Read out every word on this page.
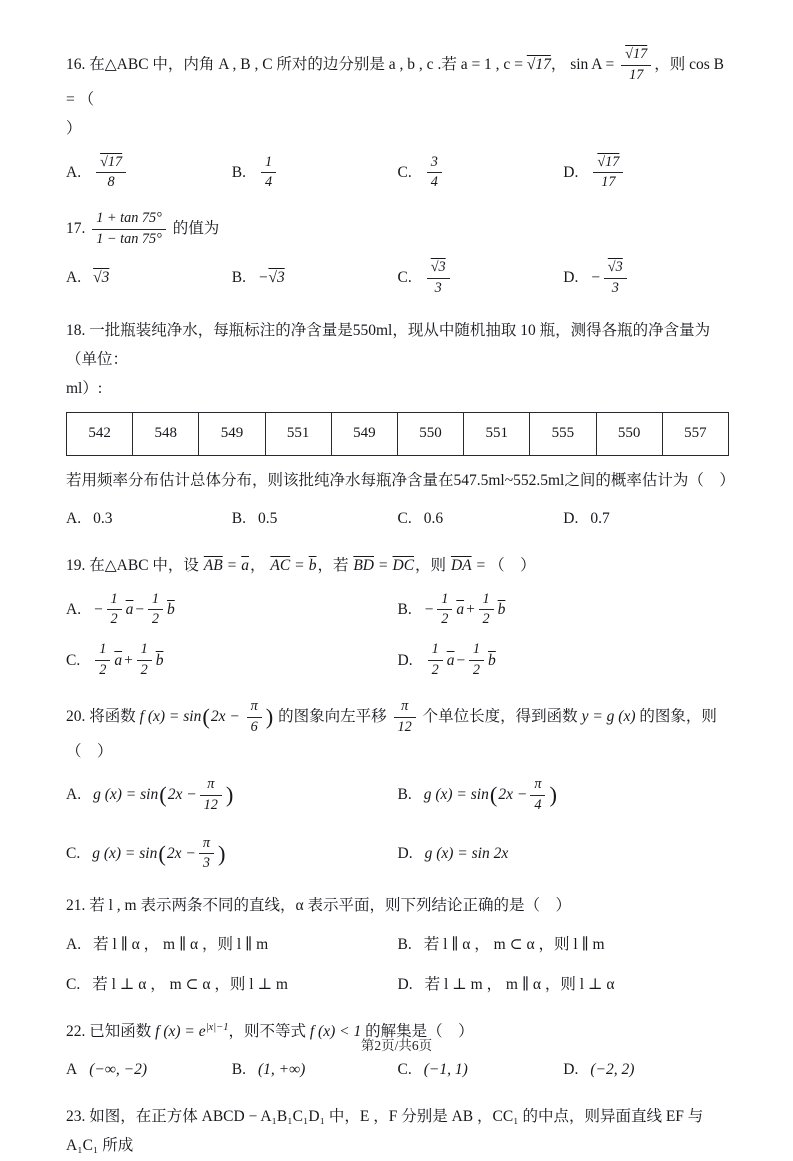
16. 在△ABC 中，内角 A , B , C 所对的边分别是 a , b , c .若 a = 1 , c = √17， $\sin A = \frac{√17}{17}$ ，则 cos B = （
）
A. $\frac{√17}{8}$	B. $\frac{1}{4}$	C. $\frac{3}{4}$	D. $\frac{√17}{17}$
17. $\frac{1 + \tan 75^\circ}{1 - \tan 75^\circ}$ 的值为
A. √3	B. − √3	C. $\frac{√3}{3}$	D. − $\frac{√3}{3}$
18. 一批瓶装纯净水，每瓶标注的净含量是550ml，现从中随机抽取 10 瓶，测得各瓶的净含量为（单位：
ml）:
542	548	549	551	549	550	551	555	550	557
若用频率分布估计总体分布，则该批纯净水每瓶净含量在547.5ml~552.5ml之间的概率估计为（　）
A. 0.3	B. 0.5	C. 0.6	D. 0.7
19. 在△ABC 中，设 $\overline{AB} = \overline{a}$， $\overline{AC} = \overline{b}$，若 $\overline{BD} = \overline{DC}$，则 $\overline{DA}$ = （　）
A. − $\frac{1}{2} \overline{a} - \frac{1}{2} \overline{b}$	B. − $\frac{1}{2} \overline{a} + \frac{1}{2} \overline{b}$
C. $\frac{1}{2} \overline{a} + \frac{1}{2} \overline{b}$	D. $\frac{1}{2} \overline{a} - \frac{1}{2} \overline{b}$
20. 将函数 f $(x) = \sin(2x - \frac{\pi}{6}$ ) 的图象向左平移 $\frac{\pi}{12}$ 个单位长度，得到函数 y = g (x) 的图象，则（　）
A. g (x) = sin ( $2x - \frac{\pi}{12}$ )	B. g (x) = sin ( $2x - \frac{\pi}{4}$ )
C. g (x) = sin ( $2x - \frac{\pi}{3}$ )	D. g (x) = sin 2x
21. 若 l , m 表示两条不同的直线，α 表示平面，则下列结论正确的是（　）
A. 若 l ∥ α ， m ∥ α ，则 l ∥ m	B. 若 l ∥ α ， m ⊂ α ，则 l ∥ m
C. 若 l ⊥ α ， m ⊂ α ，则 l ⊥ m	D. 若 l ⊥ m ， m ∥ α ，则 l ⊥ α
22. 已知函数 f $(x) = e^{|x|-1}$，则不等式 f (x) < 1 的解集是（　）
A (−∞, −2)	B. (1, +∞)	C. (−1, 1)	D. (−2, 2)
23. 如图，在正方体 ABCD − A₁B₁C₁D₁ 中，E ，F 分别是 AB ，CC₁ 的中点，则异面直线 EF 与 A₁C₁ 所成
第2页/共6页
